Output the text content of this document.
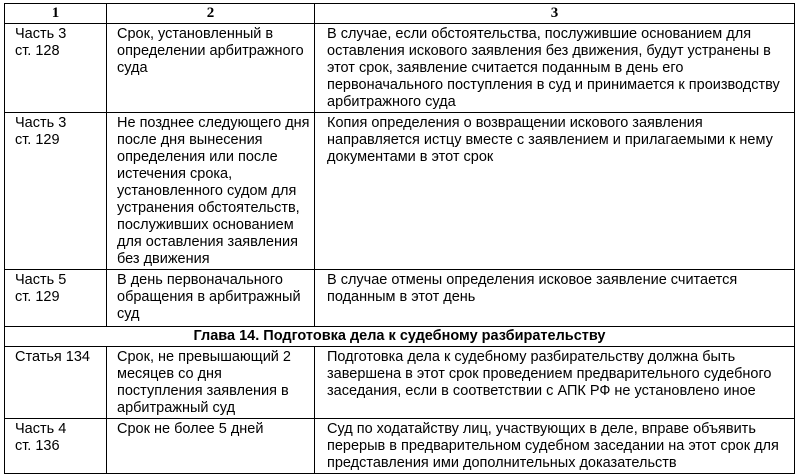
1	2	3
Часть 3
ст. 128	Срок, установленный в определении арбитражного суда	В случае, если обстоятельства, послужившие основанием для оставления искового заявления без движения, будут устранены в этот срок, заявление считается поданным в день его первоначального поступления в суд и принимается к производству арбитражного суда
Часть 3
ст. 129	Не позднее следующего дня после дня вынесения определения или после истечения срока, установленного судом для устранения обстоятельств, послуживших основанием для оставления заявления без движения	Копия определения о возвращении искового заявления направляется истцу вместе с заявлением и прилагаемыми к нему документами в этот срок
Часть 5
ст. 129	В день первоначального обращения в арбитражный суд	В случае отмены определения исковое заявление считается поданным в этот день
Глава 14. Подготовка дела к судебному разбирательству		
Статья 134	Срок, не превышающий 2 месяцев со дня поступления заявления в арбитражный суд	Подготовка дела к судебному разбирательству должна быть завершена в этот срок проведением предварительного судебного заседания, если в соответствии с АПК РФ не установлено иное
Часть 4
ст. 136	Срок не более 5 дней	Суд по ходатайству лиц, участвующих в деле, вправе объявить перерыв в предварительном судебном заседании на этот срок для представления ими дополнительных доказательств
